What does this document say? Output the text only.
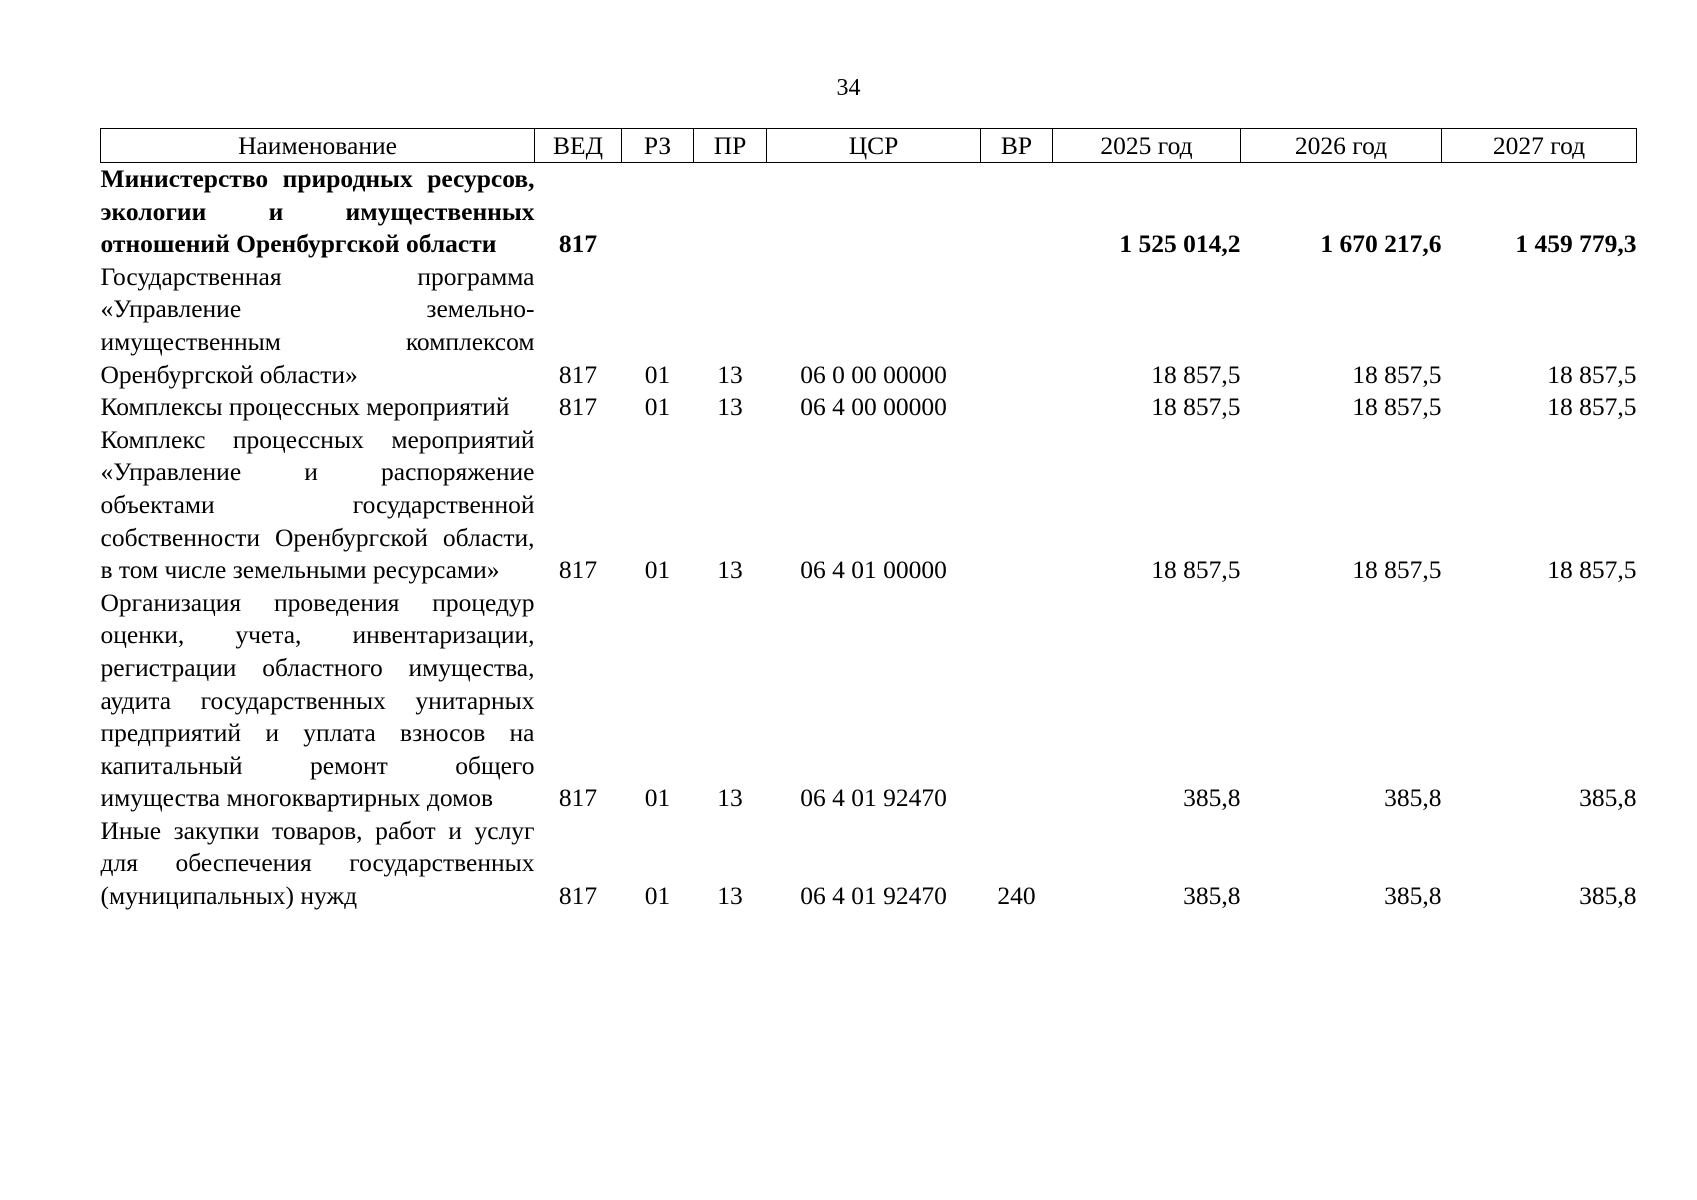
34
Наименование	ВЕД	РЗ	ПР	ЦСР	ВР	2025 год	2026 год	2027 год
Министерство природных ресурсов, экологии и имущественных отношений Оренбургской области	817					1 525 014,2	1 670 217,6	1 459 779,3
Государственная программа «Управление земельно-имущественным комплексом Оренбургской области»	817	01	13	06 0 00 00000		18 857,5	18 857,5	18 857,5
Комплексы процессных мероприятий	817	01	13	06 4 00 00000		18 857,5	18 857,5	18 857,5
Комплекс процессных мероприятий «Управление и распоряжение объектами государственной собственности Оренбургской области, в том числе земельными ресурсами»	817	01	13	06 4 01 00000		18 857,5	18 857,5	18 857,5
Организация проведения процедур оценки, учета, инвентаризации, регистрации областного имущества, аудита государственных унитарных предприятий и уплата взносов на капитальный ремонт общего имущества многоквартирных домов	817	01	13	06 4 01 92470		385,8	385,8	385,8
Иные закупки товаров, работ и услуг для обеспечения государственных (муниципальных) нужд	817	01	13	06 4 01 92470	240	385,8	385,8	385,8
